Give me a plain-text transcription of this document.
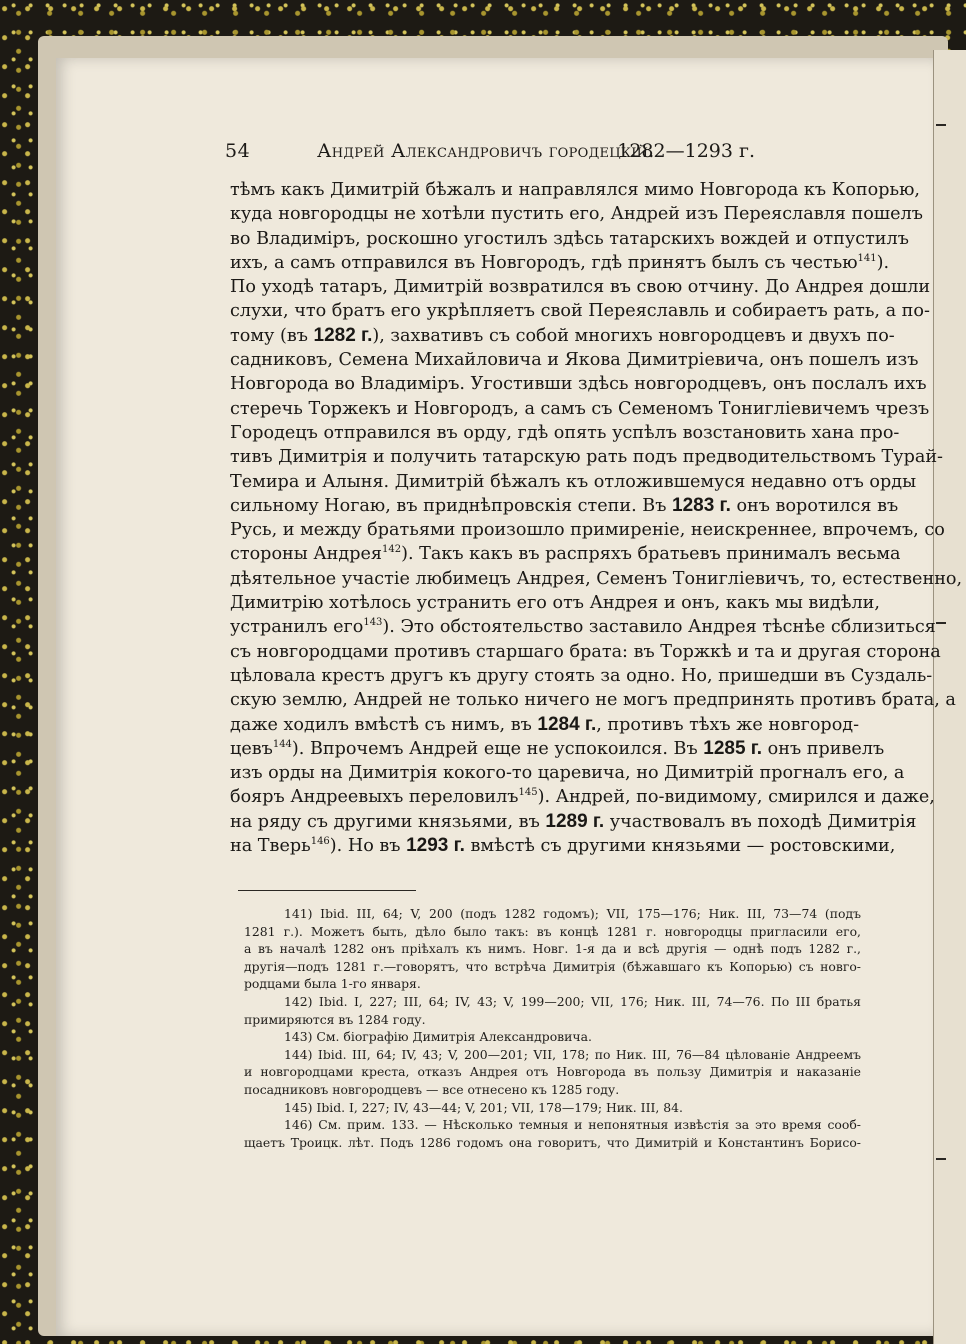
54	Андрей Александровичъ городецкій.
1282—1293 г.
тѣмъ какъ Димитрій бѣжалъ и направлялся мимо Новгорода къ Копорью,
куда новгородцы не хотѣли пустить его, Андрей изъ Переяславля пошелъ
во Владиміръ, роскошно угостилъ здѣсь татарскихъ вождей и отпустилъ
ихъ, а самъ отправился въ Новгородъ, гдѣ принятъ былъ съ честью$^{141}$).
По уходѣ татаръ, Димитрій возвратился въ свою отчину. До Андрея дошли
слухи, что братъ его укрѣпляетъ свой Переяславль и собираетъ рать, а по-
тому (въ 1282 г.), захвативъ съ собой многихъ новгородцевъ и двухъ по-
садниковъ, Семена Михайловича и Якова Димитріевича, онъ пошелъ изъ
Новгорода во Владиміръ. Угостивши здѣсь новгородцевъ, онъ послалъ ихъ
стеречь Торжекъ и Новгородъ, а самъ съ Семеномъ Тонигліевичемъ чрезъ
Городецъ отправился въ орду, гдѣ опять успѣлъ возстановить хана про-
тивъ Димитрія и получить татарскую рать подъ предводительствомъ Турай-
Темира и Алыня. Димитрій бѣжалъ къ отложившемуся недавно отъ орды
сильному Ногаю, въ приднѣпровскія степи. Въ 1283 г. онъ воротился въ
Русь, и между братьями произошло примиреніе, неискреннее, впрочемъ, со
стороны Андрея$^{142}$). Такъ какъ въ распряхъ братьевъ принималъ весьма
дѣятельное участіе любимецъ Андрея, Семенъ Тонигліевичъ, то, естественно,
Димитрію хотѣлось устранить его отъ Андрея и онъ, какъ мы видѣли,
устранилъ его$^{143}$). Это обстоятельство заставило Андрея тѣснѣе сблизиться
съ новгородцами противъ старшаго брата: въ Торжкѣ и та и другая сторона
цѣловала крестъ другъ къ другу стоять за одно. Но, пришедши въ Суздаль-
скую землю, Андрей не только ничего не могъ предпринять противъ брата, а
даже ходилъ вмѣстѣ съ нимъ, въ 1284 г., противъ тѣхъ же новгород-
цевъ$^{144}$). Впрочемъ Андрей еще не успокоился. Въ 1285 г. онъ привелъ
изъ орды на Димитрія кокого-то царевича, но Димитрій прогналъ его, а
бояръ Андреевыхъ переловилъ$^{145}$). Андрей, по-видимому, смирился и даже,
на ряду съ другими князьями, въ 1289 г. участвовалъ въ походѣ Димитрія
на Тверь$^{146}$). Но въ 1293 г. вмѣстѣ съ другими князьями — ростовскими,
141) Ibid. III, 64; V, 200 (подъ 1282 годомъ); VII, 175—176; Ник. III, 73—74 (подъ
1281 г.). Можетъ быть, дѣло было такъ: въ концѣ 1281 г. новгородцы пригласили его,
а въ началѣ 1282 онъ пріѣхалъ къ нимъ. Новг. 1-я да и всѣ другія — однѣ подъ 1282 г.,
другія—подъ 1281 г.—говорятъ, что встрѣча Димитрія (бѣжавшаго къ Копорью) съ новго-
родцами была 1-го января.
142) Ibid. I, 227; III, 64; IV, 43; V, 199—200; VII, 176; Ник. III, 74—76. По III братья
примиряются въ 1284 году.
143) См. біографію Димитрія Александровича.
144) Ibid. III, 64; IV, 43; V, 200—201; VII, 178; по Ник. III, 76—84 цѣлованіе Андреемъ
и новгородцами креста, отказъ Андрея отъ Новгорода въ пользу Димитрія и наказаніе
посадниковъ новгородцевъ — все отнесено къ 1285 году.
145) Ibid. I, 227; IV, 43—44; V, 201; VII, 178—179; Ник. III, 84.
146) См. прим. 133. — Нѣсколько темныя и непонятныя извѣстія за это время сооб-
щаетъ Троицк. лѣт. Подъ 1286 годомъ она говоритъ, что Димитрій и Константинъ Борисо-
